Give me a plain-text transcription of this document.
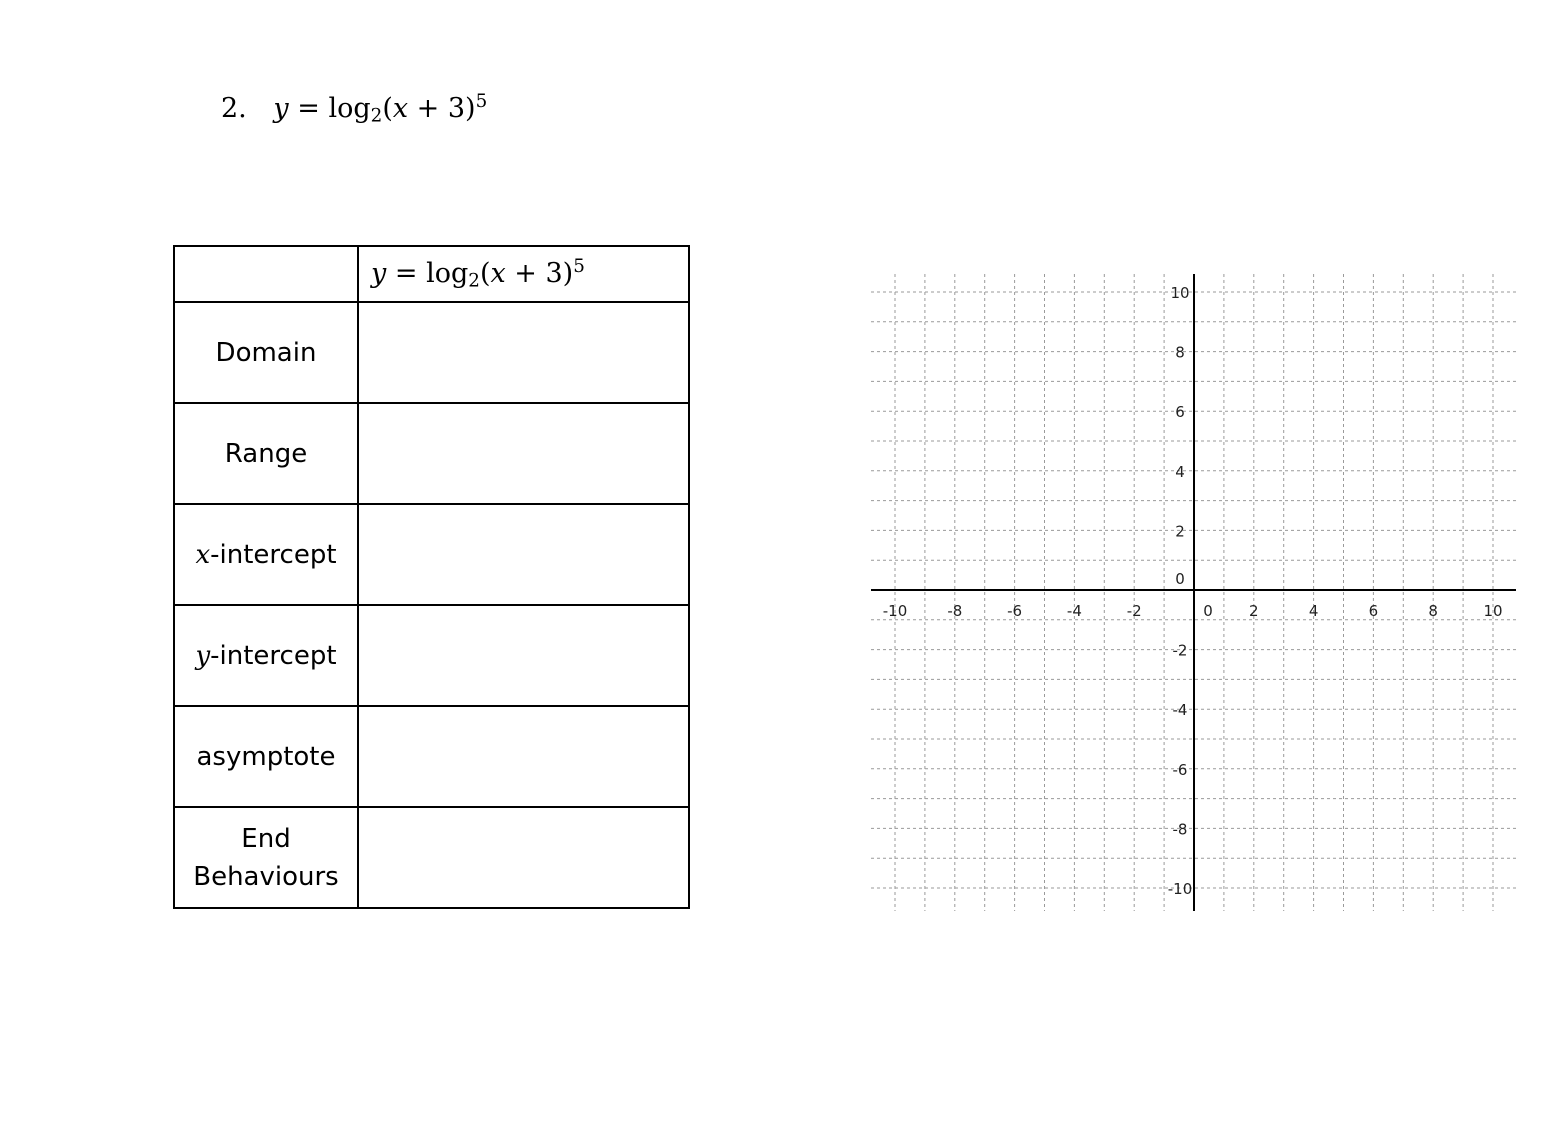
2. $y = \log_2(x + 3)^5$
	$y = \log_2(x + 3)^5$
Domain	
Range	
x-intercept	
y-intercept	
asymptote	
End
Behaviours	
-10	-8	-6	-4	-2	0 2	4	6	8	10
10
8
6
4
2
0
-2
-4
-6
-8
-10
